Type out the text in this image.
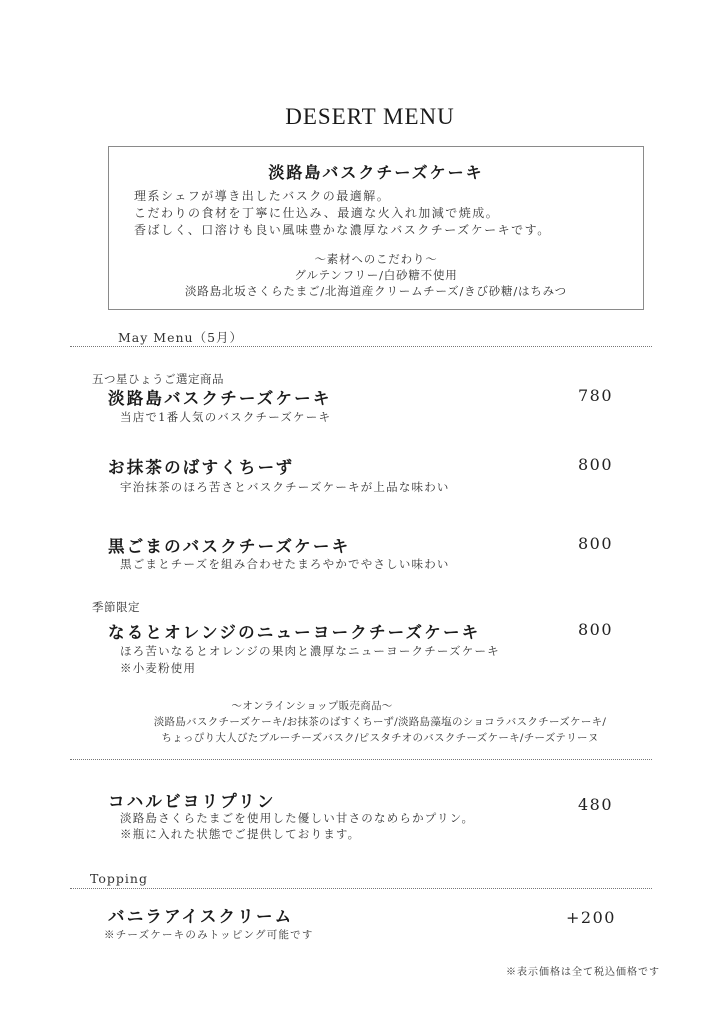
DESERT MENU
淡路島バスクチーズケーキ
理系シェフが導き出したバスクの最適解。
こだわりの食材を丁寧に仕込み、最適な火入れ加減で焼成。
香ばしく、口溶けも良い風味豊かな濃厚なバスクチーズケーキです。
～素材へのこだわり～
グルテンフリー/白砂糖不使用
淡路島北坂さくらたまご/北海道産クリームチーズ/きび砂糖/はちみつ
May Menu（5月）
五つ星ひょうご選定商品
淡路島バスクチーズケーキ	780
当店で1番人気のバスクチーズケーキ
お抹茶のばすくちーず	800
宇治抹茶のほろ苦さとバスクチーズケーキが上品な味わい
黒ごまのバスクチーズケーキ	800
黒ごまとチーズを組み合わせたまろやかでやさしい味わい
季節限定
なるとオレンジのニューヨークチーズケーキ	800
ほろ苦いなるとオレンジの果肉と濃厚なニューヨークチーズケーキ
※小麦粉使用
～オンラインショップ販売商品～
淡路島バスクチーズケーキ/お抹茶のばすくちーず/淡路島藻塩のショコラバスクチーズケーキ/
ちょっぴり大人びたブルーチーズバスク/ピスタチオのバスクチーズケーキ/チーズテリーヌ
コハルビヨリプリン	480
淡路島さくらたまごを使用した優しい甘さのなめらかプリン。
※瓶に入れた状態でご提供しております。
Topping
バニラアイスクリーム	+200
※チーズケーキのみトッピング可能です
※表示価格は全て税込価格です
